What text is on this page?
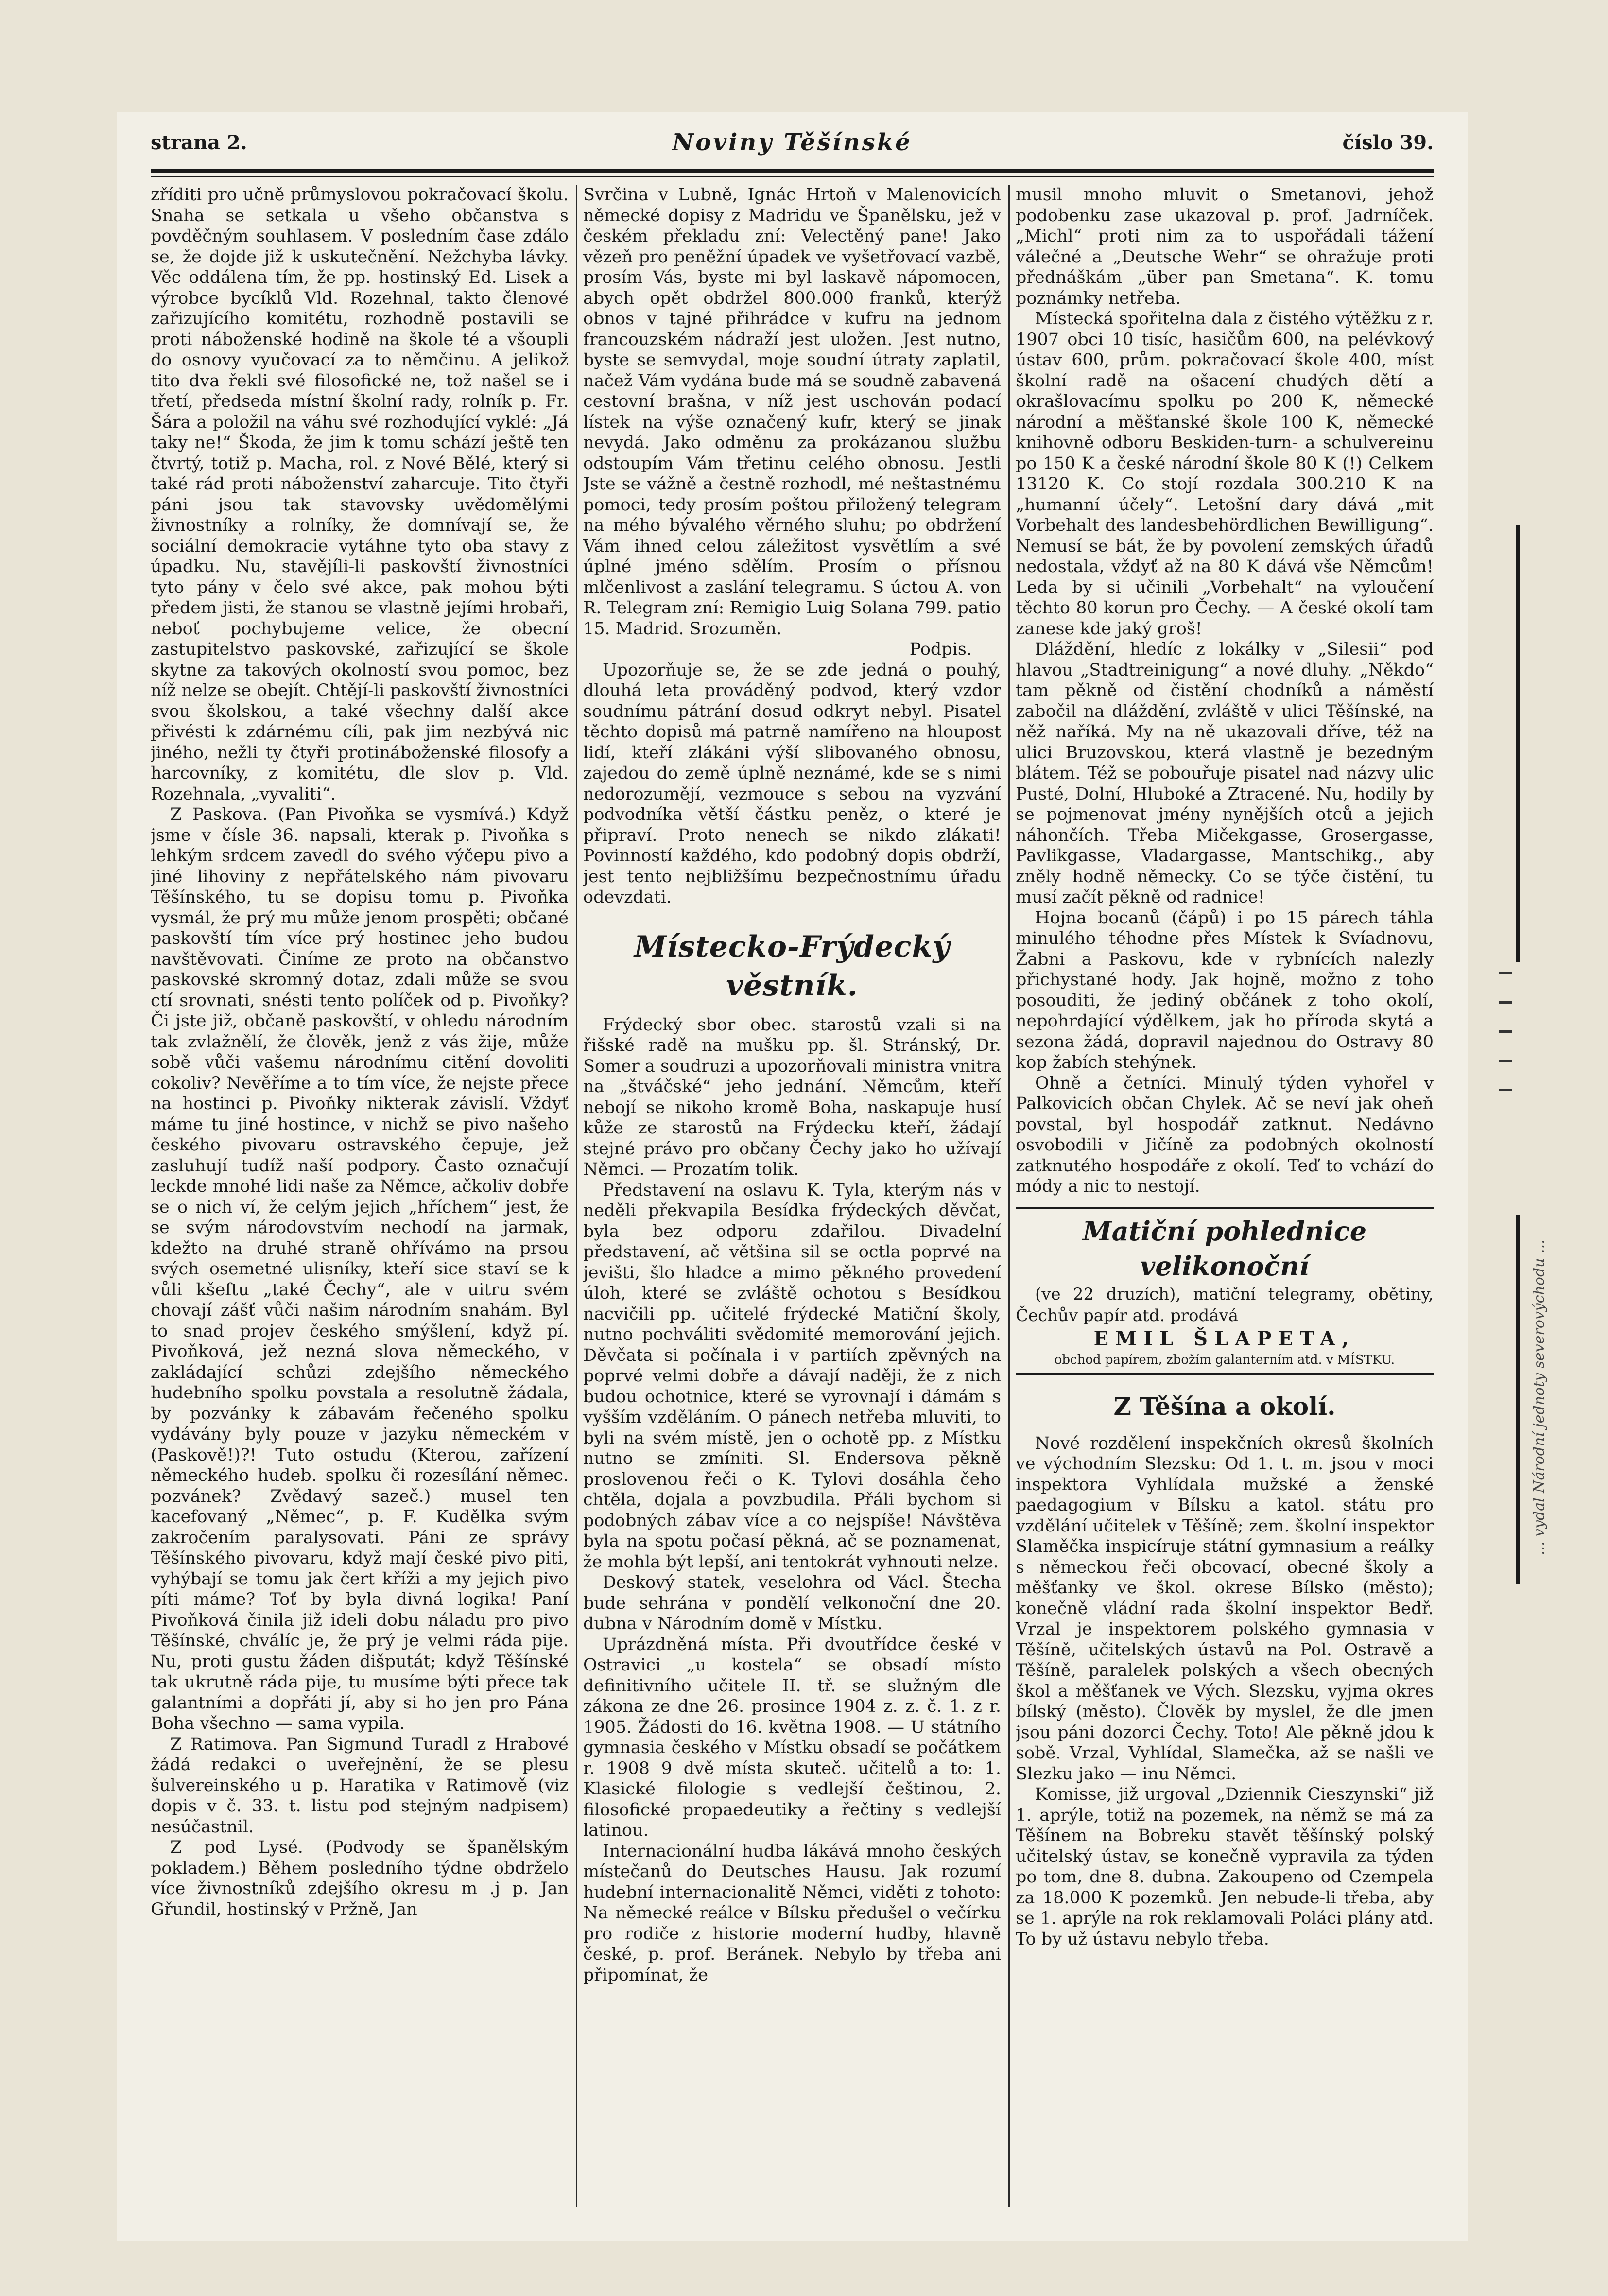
strana 2.	Noviny Těšínské	číslo 39.

zříditi pro učně průmyslovou pokračovací školu. Snaha se setkala u všeho občanstva s povděčným souhlasem. V posledním čase zdálo se, že dojde již k uskutečnění. Nežchyba lávky. Věc oddálena tím, že pp. hostinský Ed. Lisek a výrobce bycíklů Vld. Rozehnal, takto členové zařizujícího komitétu, rozhodně postavili se proti náboženské hodině na škole té a všoupli do osnovy vyučovací za to němčinu. A jelikož tito dva řekli své filosofické ne, tož našel se i třetí, předseda místní školní rady, rolník p. Fr. Šára a položil na váhu své rozhodující vyklé: „Já taky ne!“ Škoda, že jim k tomu schází ještě ten čtvrtý, totiž p. Macha, rol. z Nové Bělé, který si také rád proti náboženství zaharcuje. Tito čtyři páni jsou tak stavovsky uvědomělými živnostníky a rolníky, že domnívají se, že sociální demokracie vytáhne tyto oba stavy z úpadku. Nu, stavějíli-li paskovští živnostníci tyto pány v čelo své akce, pak mohou býti předem jisti, že stanou se vlastně jejími hrobaři, neboť pochybujeme velice, že obecní zastupitelstvo paskovské, zařizující se škole skytne za takových okolností svou pomoc, bez níž nelze se obejít. Chtějí-li paskovští živnostníci svou školskou, a také všechny další akce přivésti k zdárnému cíli, pak jim nezbývá nic jiného, nežli ty čtyři protináboženské filosofy a harcovníky, z komitétu, dle slov p. Vld. Rozehnala, „vyvaliti“.

Z Paskova. (Pan Pivoňka se vysmívá.) Když jsme v čísle 36. napsali, kterak p. Pivoňka s lehkým srdcem zavedl do svého výčepu pivo a jiné lihoviny z nepřátelského nám pivovaru Těšínského, tu se dopisu tomu p. Pivoňka vysmál, že prý mu může jenom prospěti; občané paskovští tím více prý hostinec jeho budou navštěvovati. Činíme ze proto na občanstvo paskovské skromný dotaz, zdali může se svou ctí srovnati, snésti tento políček od p. Pivoňky? Či jste již, občaně paskovští, v ohledu národním tak zvlažnělí, že člověk, jenž z vás žije, může sobě vůči vašemu národnímu citění dovoliti cokoliv? Nevěříme a to tím více, že nejste přece na hostinci p. Pivoňky nikterak závislí. Vždyť máme tu jiné hostince, v nichž se pivo našeho českého pivovaru ostravského čepuje, jež zasluhují tudíž naší podpory. Často označují leckde mnohé lidi naše za Němce, ačkoliv dobře se o nich ví, že celým jejich „hříchem“ jest, že se svým národovstvím nechodí na jarmak, kdežto na druhé straně ohřívámo na prsou svých osemetné ulisníky, kteří sice staví se k vůli kšeftu „také Čechy“, ale v uitru svém chovají zášť vůči našim národním snahám. Byl to snad projev českého smýšlení, když pí. Pivoňková, jež nezná slova německého, v zakládající schůzi zdejšího německého hudebního spolku povstala a resolutně žádala, by pozvánky k zábavám řečeného spolku vydávány byly pouze v jazyku německém v (Paskově!)?! Tuto ostudu (Kterou, zařízení německého hudeb. spolku či rozesílání němec. pozvánek? Zvědavý sazeč.) musel ten kacefovaný „Němec“, p. F. Kudělka svým zakročením paralysovati. Páni ze správy Těšínského pivovaru, když mají české pivo piti, vyhýbají se tomu jak čert kříži a my jejich pivo píti máme? Toť by byla divná logika! Paní Pivoňková činila již ideli dobu náladu pro pivo Těšínské, chválíc je, že prý je velmi ráda pije. Nu, proti gustu žáden dišputát; když Těšínské tak ukrutně ráda pije, tu musíme býti přece tak galantními a dopřáti jí, aby si ho jen pro Pána Boha všechno — sama vypila.

Z Ratimova. Pan Sigmund Turadl z Hrabové žádá redakci o uveřejnění, že se plesu šulvereinského u p. Haratika v Ratimově (viz dopis v č. 33. t. listu pod stejným nadpisem) nesúčastnil.

Z pod Lysé. (Podvody se španělským pokladem.) Během posledního týdne obdrželo více živnostníků zdejšího okresu m .j p. Jan Gřundil, hostinský v Pržně, Jan

Svrčina v Lubně, Ignác Hrtoň v Malenovicích německé dopisy z Madridu ve Španělsku, jež v českém překladu zní: Velectěný pane! Jako vězeň pro peněžní úpadek ve vyšetřovací vazbě, prosím Vás, byste mi byl laskavě nápomocen, abych opět obdržel 800.000 franků, kterýž obnos v tajné přihrádce v kufru na jednom francouzském nádraží jest uložen. Jest nutno, byste se semvydal, moje soudní útraty zaplatil, načež Vám vydána bude má se soudně zabavená cestovní brašna, v níž jest uschován podací lístek na výše označený kufr, který se jinak nevydá. Jako odměnu za prokázanou službu odstoupím Vám třetinu celého obnosu. Jestli Jste se vážně a čestně rozhodl, mé neštastnému pomoci, tedy prosím poštou přiložený telegram na mého bývalého věrného sluhu; po obdržení Vám ihned celou záležitost vysvětlím a své úplné jméno sdělím. Prosím o přísnou mlčenlivost a zaslání telegramu. S úctou A. von R. Telegram zní: Remigio Luig Solana 799. patio 15. Madrid. Srozuměn.

Podpis.

Upozorňuje se, že se zde jedná o pouhý, dlouhá leta prováděný podvod, který vzdor soudnímu pátrání dosud odkryt nebyl. Pisatel těchto dopisů má patrně namířeno na hloupost lidí, kteří zlákáni výší slibovaného obnosu, zajedou do země úplně neznámé, kde se s nimi nedorozumějí, vezmouce s sebou na vyzvání podvodníka větší částku peněz, o které je připraví. Proto nenech se nikdo zlákati! Povinností každého, kdo podobný dopis obdrží, jest tento nejbližšímu bezpečnostnímu úřadu odevzdati.

Místecko-Frýdecký věstník.

Frýdecký sbor obec. starostů vzali si na řišské radě na mušku pp. šl. Stránský, Dr. Somer a soudruzi a upozorňovali ministra vnitra na „štváčské“ jeho jednání. Němcům, kteří nebojí se nikoho kromě Boha, naskapuje husí kůže ze starostů na Frýdecku kteří, žádají stejné právo pro občany Čechy jako ho užívají Němci. — Prozatím tolik.

Představení na oslavu K. Tyla, kterým nás v neděli překvapila Besídka frýdeckých děvčat, byla bez odporu zdařilou. Divadelní představení, ač většina sil se octla poprvé na jevišti, šlo hladce a mimo pěkného provedení úloh, které se zvláště ochotou s Besídkou nacvičili pp. učitelé frýdecké Matiční školy, nutno pochváliti svědomité memorování jejich. Děvčata si počínala i v partiích zpěvných na poprvé velmi dobře a dávají naději, že z nich budou ochotnice, které se vyrovnají i dámám s vyšším vzděláním. O pánech netřeba mluviti, to byli na svém místě, jen o ochotě pp. z Místku nutno se zmíniti. Sl. Endersova pěkně proslovenou řeči o K. Tylovi dosáhla čeho chtěla, dojala a povzbudila. Přáli bychom si podobných zábav více a co nejspíše! Návštěva byla na spotu počasí pěkná, ač se poznamenat, že mohla být lepší, ani tentokrát vyhnouti nelze.

Deskový statek, veselohra od Václ. Štecha bude sehrána v pondělí velkonoční dne 20. dubna v Národním domě v Místku.

Uprázdněná místa. Při dvoutřídce české v Ostravici „u kostela“ se obsadí místo definitivního učitele II. tř. se služným dle zákona ze dne 26. prosince 1904 z. z. č. 1. z r. 1905. Žádosti do 16. května 1908. — U státního gymnasia českého v Místku obsadí se počátkem r. 1908 9 dvě místa skuteč. učitelů a to: 1. Klasické filologie s vedlejší češtinou, 2. filosofické propaedeutiky a řečtiny s vedlejší latinou.

Internacionální hudba lákává mnoho českých místečanů do Deutsches Hausu. Jak rozumí hudební internacionalitě Němci, viděti z tohoto: Na německé reálce v Bílsku předušel o večírku pro rodiče z historie moderní hudby, hlavně české, p. prof. Beránek. Nebylo by třeba ani připomínat, že

musil mnoho mluvit o Smetanovi, jehož podobenku zase ukazoval p. prof. Jadrníček. „Michl“ proti nim za to uspořádali tážení válečné a „Deutsche Wehr“ se ohražuje proti přednáškám „über pan Smetana“. K. tomu poznámky netřeba.

Místecká spořitelna dala z čistého výtěžku z r. 1907 obci 10 tisíc, hasičům 600, na pelévkový ústav 600, prům. pokračovací škole 400, míst školní radě na ošacení chudých dětí a okrašlovacímu spolku po 200 K, německé národní a měšťanské škole 100 K, německé knihovně odboru Beskiden-turn- a schulvereinu po 150 K a české národní škole 80 K (!) Celkem 13120 K. Co stojí rozdala 300.210 K na „humanní účely“. Letošní dary dává „mit Vorbehalt des landesbehördlichen Bewilligung“. Nemusí se bát, že by povolení zemských úřadů nedostala, vždyť až na 80 K dává vše Němcům! Leda by si učinili „Vorbehalt“ na vyloučení těchto 80 korun pro Čechy. — A české okolí tam zanese kde jaký groš!

Dláždění, hledíc z lokálky v „Silesii“ pod hlavou „Stadtreinigung“ a nové dluhy. „Někdo“ tam pěkně od čistění chodníků a náměstí zabočil na dláždění, zvláště v ulici Těšínské, na něž naříká. My na ně ukazovali dříve, též na ulici Bruzovskou, která vlastně je bezedným blátem. Též se pobouřuje pisatel nad názvy ulic Pusté, Dolní, Hluboké a Ztracené. Nu, hodily by se pojmenovat jmény nynějších otců a jejich náhončích. Třeba Mičekgasse, Grosergasse, Pavlikgasse, Vladargasse, Mantschikg., aby zněly hodně německy. Co se týče čistění, tu musí začít pěkně od radnice!

Hojna bocanů (čápů) i po 15 párech táhla minulého téhodne přes Místek k Svíadnovu, Žabni a Paskovu, kde v rybnících nalezly přichystané hody. Jak hojně, možno z toho posouditi, že jediný občánek z toho okolí, nepohrdající výdělkem, jak ho příroda skytá a sezona žádá, dopravil najednou do Ostravy 80 kop žabích stehýnek.

Ohně a četníci. Minulý týden vyhořel v Palkovicích občan Chylek. Ač se neví jak oheň povstal, byl hospodář zatknut. Nedávno osvobodili v Jičíně za podobných okolností zatknutého hospodáře z okolí. Teď to vchází do módy a nic to nestojí.

Matiční pohlednice velikonoční

(ve 22 druzích), matiční telegramy, obětiny, Čechův papír atd. prodává

EMIL ŠLAPETA,
obchod papírem, zbožím galanterním atd. v MÍSTKU.
Z Těšína a okolí.

Nové rozdělení inspekčních okresů školních ve východním Slezsku: Od 1. t. m. jsou v moci inspektora Vyhlídala mužské a ženské paedagogium v Bílsku a katol. státu pro vzdělání učitelek v Těšíně; zem. školní inspektor Slaměčka inspicíruje státní gymnasium a reálky s německou řeči obcovací, obecné školy a měšťanky ve škol. okrese Bílsko (město); konečně vládní rada školní inspektor Bedř. Vrzal je inspektorem polského gymnasia v Těšíně, učitelských ústavů na Pol. Ostravě a Těšíně, paralelek polských a všech obecných škol a měšťanek ve Vých. Slezsku, vyjma okres bílský (město). Člověk by myslel, že dle jmen jsou páni dozorci Čechy. Toto! Ale pěkně jdou k sobě. Vrzal, Vyhlídal, Slamečka, až se našli ve Slezku jako — inu Němci.

Komisse, již urgoval „Dziennik Cieszynski“ již 1. aprýle, totiž na pozemek, na němž se má za Těšínem na Bobreku stavět těšínský polský učitelský ústav, se konečně vypravila za týden po tom, dne 8. dubna. Zakoupeno od Czempela za 18.000 K pozemků. Jen nebude-li třeba, aby se 1. aprýle na rok reklamovali Poláci plány atd. To by už ústavu nebylo třeba.

... vydal Národní jednoty severovýchodu ...
